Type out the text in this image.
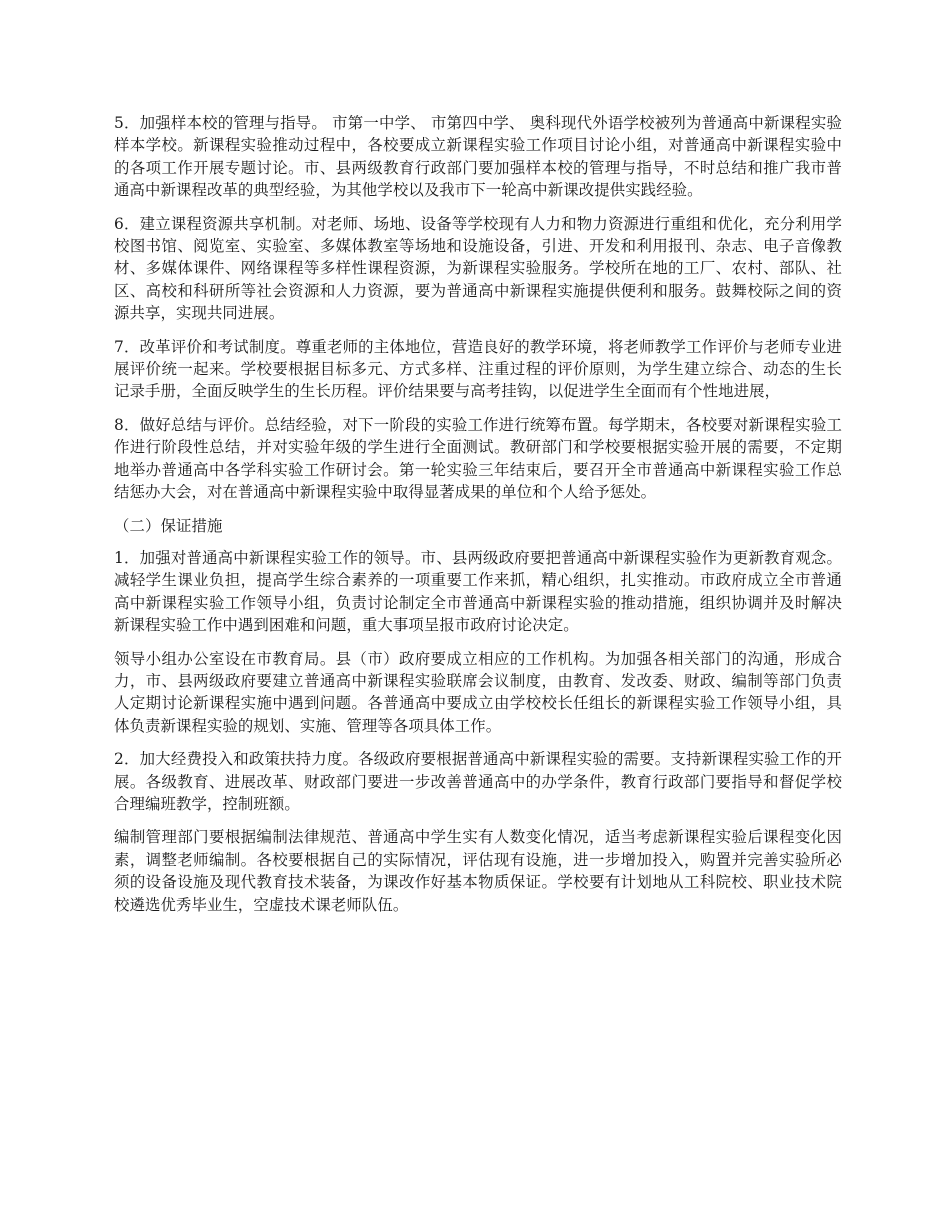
5．加强样本校的管理与指导。 市第一中学、 市第四中学、 奥科现代外语学校被列为普通高中新课程实验样本学校。新课程实验推动过程中，各校要成立新课程实验工作项目讨论小组，对普通高中新课程实验中的各项工作开展专题讨论。市、县两级教育行政部门要加强样本校的管理与指导，不时总结和推广我市普通高中新课程改革的典型经验，为其他学校以及我市下一轮高中新课改提供实践经验。

6．建立课程资源共享机制。对老师、场地、设备等学校现有人力和物力资源进行重组和优化，充分利用学校图书馆、阅览室、实验室、多媒体教室等场地和设施设备，引进、开发和利用报刊、杂志、电子音像教材、多媒体课件、网络课程等多样性课程资源，为新课程实验服务。学校所在地的工厂、农村、部队、社区、高校和科研所等社会资源和人力资源，要为普通高中新课程实施提供便利和服务。鼓舞校际之间的资源共享，实现共同进展。

7．改革评价和考试制度。尊重老师的主体地位，营造良好的教学环境，将老师教学工作评价与老师专业进展评价统一起来。学校要根据目标多元、方式多样、注重过程的评价原则，为学生建立综合、动态的生长记录手册，全面反映学生的生长历程。评价结果要与高考挂钩，以促进学生全面而有个性地进展，

8．做好总结与评价。总结经验，对下一阶段的实验工作进行统筹布置。每学期末，各校要对新课程实验工作进行阶段性总结，并对实验年级的学生进行全面测试。教研部门和学校要根据实验开展的需要，不定期地举办普通高中各学科实验工作研讨会。第一轮实验三年结束后，要召开全市普通高中新课程实验工作总结惩办大会，对在普通高中新课程实验中取得显著成果的单位和个人给予惩处。

（二）保证措施

1．加强对普通高中新课程实验工作的领导。市、县两级政府要把普通高中新课程实验作为更新教育观念。减轻学生课业负担，提高学生综合素养的一项重要工作来抓，精心组织，扎实推动。市政府成立全市普通高中新课程实验工作领导小组，负责讨论制定全市普通高中新课程实验的推动措施，组织协调并及时解决新课程实验工作中遇到困难和问题，重大事项呈报市政府讨论决定。

领导小组办公室设在市教育局。县（市）政府要成立相应的工作机构。为加强各相关部门的沟通，形成合力，市、县两级政府要建立普通高中新课程实验联席会议制度，由教育、发改委、财政、编制等部门负责人定期讨论新课程实施中遇到问题。各普通高中要成立由学校校长任组长的新课程实验工作领导小组，具体负责新课程实验的规划、实施、管理等各项具体工作。

2．加大经费投入和政策扶持力度。各级政府要根据普通高中新课程实验的需要。支持新课程实验工作的开展。各级教育、进展改革、财政部门要进一步改善普通高中的办学条件，教育行政部门要指导和督促学校合理编班教学，控制班额。

编制管理部门要根据编制法律规范、普通高中学生实有人数变化情况，适当考虑新课程实验后课程变化因素，调整老师编制。各校要根据自己的实际情况，评估现有设施，进一步增加投入，购置并完善实验所必须的设备设施及现代教育技术装备，为课改作好基本物质保证。学校要有计划地从工科院校、职业技术院校遴选优秀毕业生，空虚技术课老师队伍。
